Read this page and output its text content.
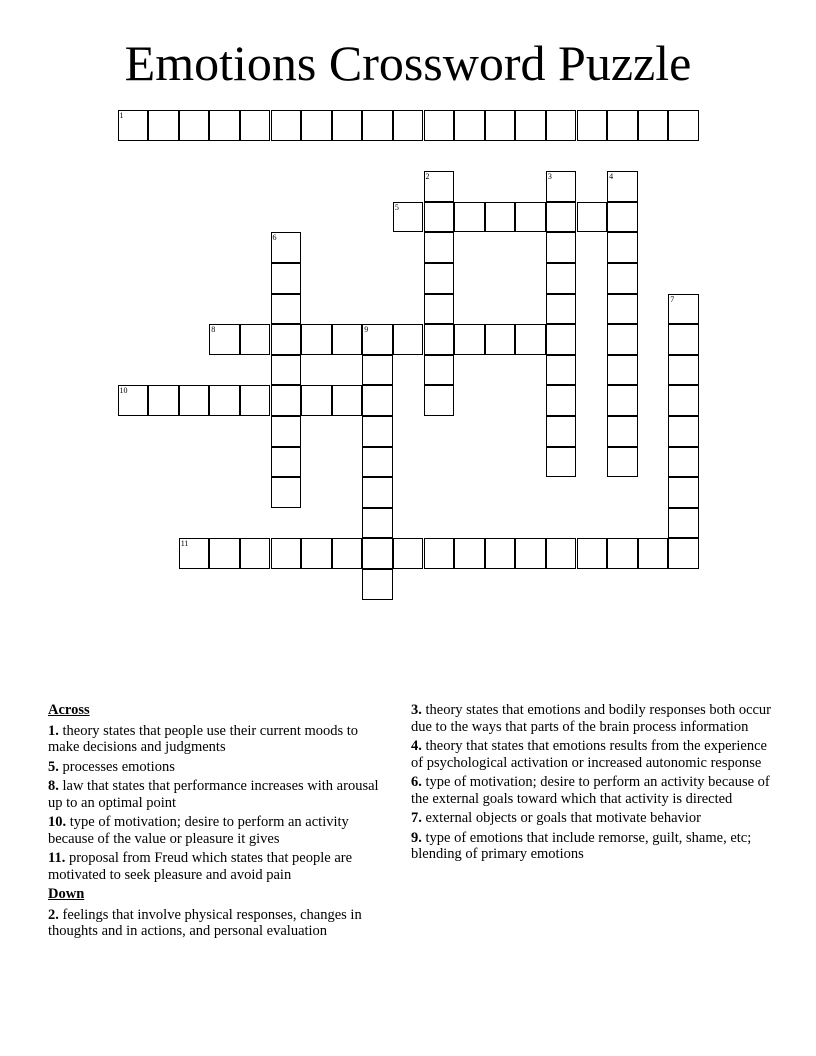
Emotions Crossword Puzzle
1
2	3	4
5
6
7
8	9
10
11
Across
1. theory states that people use their current moods to make decisions and judgments
5. processes emotions
8. law that states that performance increases with arousal up to an optimal point
10. type of motivation; desire to perform an activity because of the value or pleasure it gives
11. proposal from Freud which states that people are motivated to seek pleasure and avoid pain
Down
2. feelings that involve physical responses, changes in thoughts and in actions, and personal evaluation
3. theory states that emotions and bodily responses both occur due to the ways that parts of the brain process information
4. theory that states that emotions results from the experience of psychological activation or increased autonomic response
6. type of motivation; desire to perform an activity because of the external goals toward which that activity is directed
7. external objects or goals that motivate behavior
9. type of emotions that include remorse, guilt, shame, etc; blending of primary emotions
